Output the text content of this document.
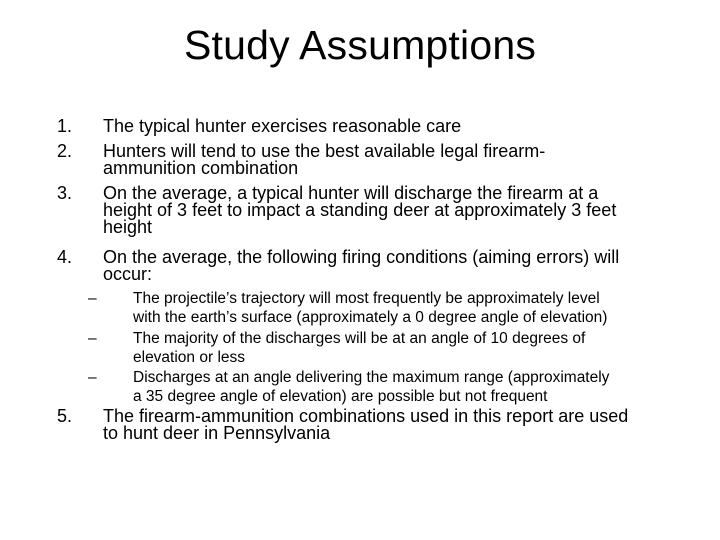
Study Assumptions
1. The typical hunter exercises reasonable care
2. Hunters will tend to use the best available legal firearm-
ammunition combination
3. On the average, a typical hunter will discharge the firearm at a
height of 3 feet to impact a standing deer at approximately 3 feet
height
4. On the average, the following firing conditions (aiming errors) will
occur:
– The projectile’s trajectory will most frequently be approximately level
with the earth’s surface (approximately a 0 degree angle of elevation)
– The majority of the discharges will be at an angle of 10 degrees of
elevation or less
– Discharges at an angle delivering the maximum range (approximately
a 35 degree angle of elevation) are possible but not frequent
5. The firearm-ammunition combinations used in this report are used
to hunt deer in Pennsylvania
